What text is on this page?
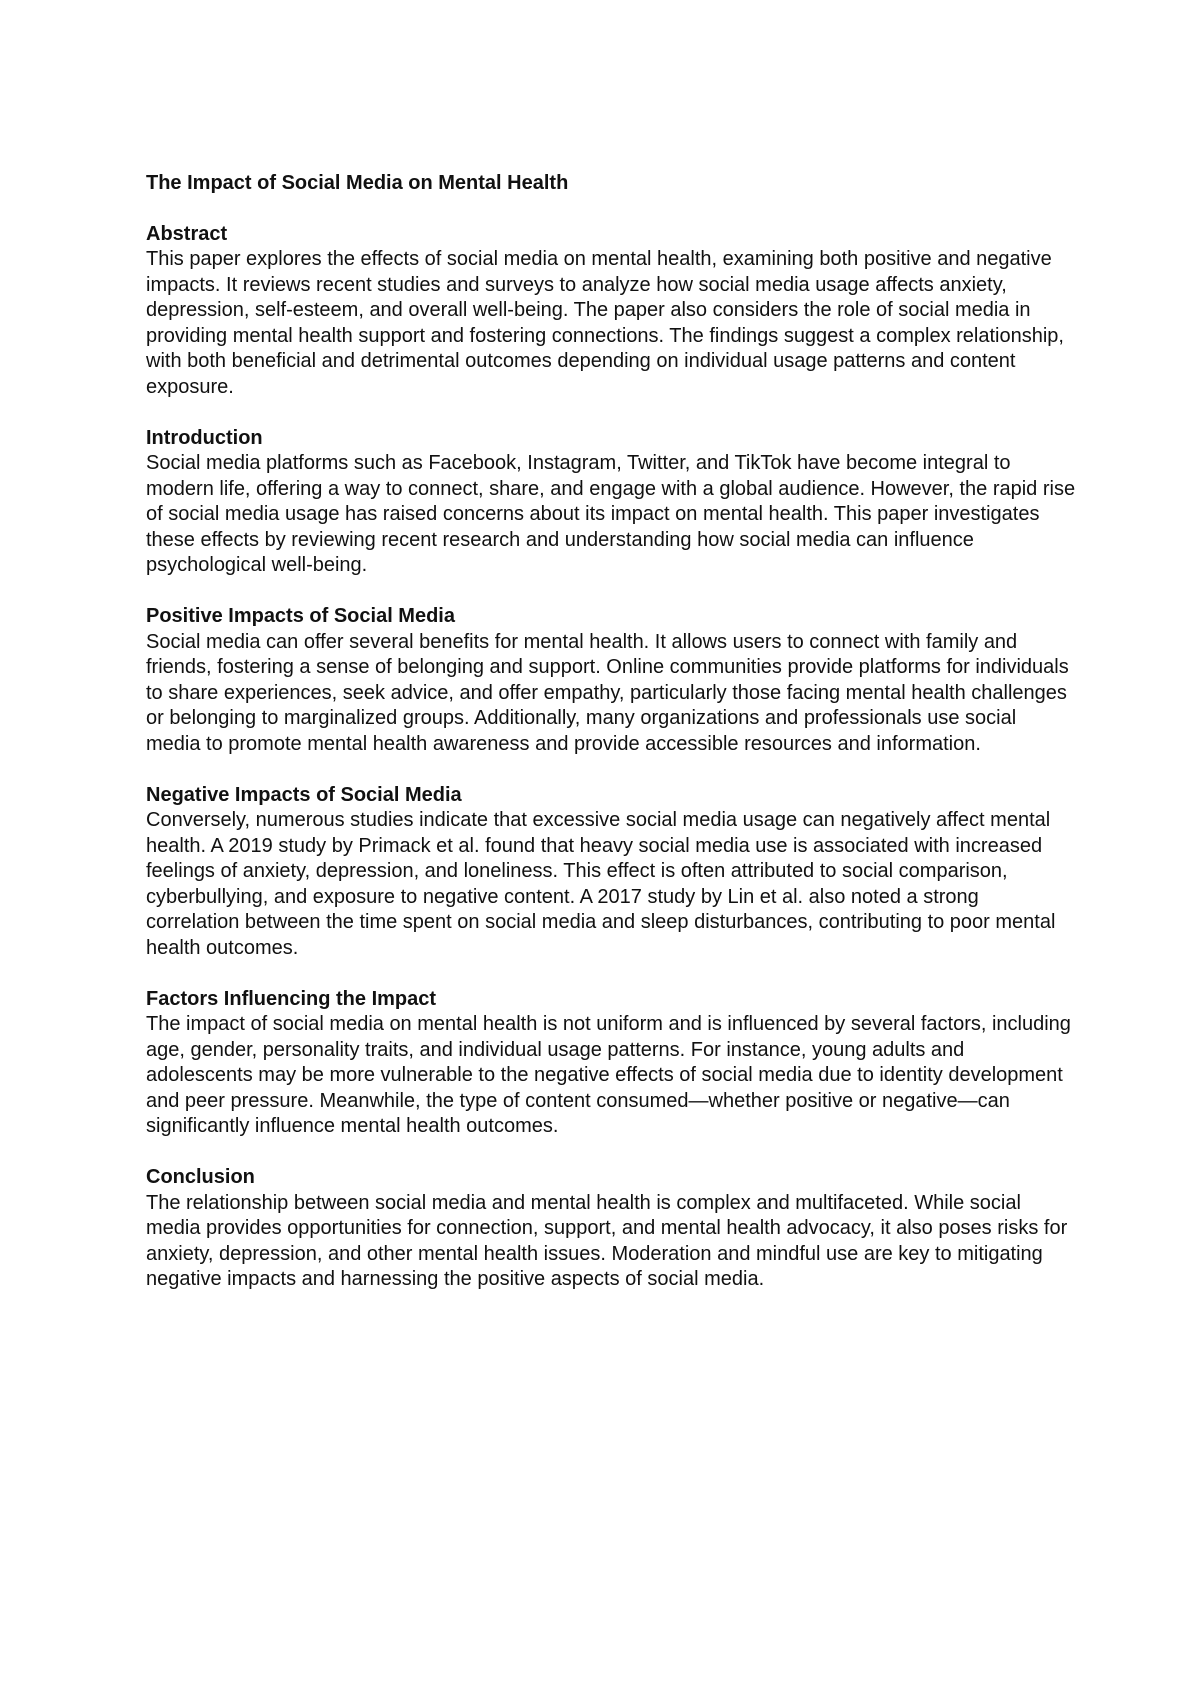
The Impact of Social Media on Mental Health
Abstract
This paper explores the effects of social media on mental health, examining both positive and negative impacts. It reviews recent studies and surveys to analyze how social media usage affects anxiety, depression, self-esteem, and overall well-being. The paper also considers the role of social media in providing mental health support and fostering connections. The findings suggest a complex relationship, with both beneficial and detrimental outcomes depending on individual usage patterns and content exposure.
Introduction
Social media platforms such as Facebook, Instagram, Twitter, and TikTok have become integral to modern life, offering a way to connect, share, and engage with a global audience. However, the rapid rise of social media usage has raised concerns about its impact on mental health. This paper investigates these effects by reviewing recent research and understanding how social media can influence psychological well-being.
Positive Impacts of Social Media
Social media can offer several benefits for mental health. It allows users to connect with family and friends, fostering a sense of belonging and support. Online communities provide platforms for individuals to share experiences, seek advice, and offer empathy, particularly those facing mental health challenges or belonging to marginalized groups. Additionally, many organizations and professionals use social media to promote mental health awareness and provide accessible resources and information.
Negative Impacts of Social Media
Conversely, numerous studies indicate that excessive social media usage can negatively affect mental health. A 2019 study by Primack et al. found that heavy social media use is associated with increased feelings of anxiety, depression, and loneliness. This effect is often attributed to social comparison, cyberbullying, and exposure to negative content. A 2017 study by Lin et al. also noted a strong correlation between the time spent on social media and sleep disturbances, contributing to poor mental health outcomes.
Factors Influencing the Impact
The impact of social media on mental health is not uniform and is influenced by several factors, including age, gender, personality traits, and individual usage patterns. For instance, young adults and adolescents may be more vulnerable to the negative effects of social media due to identity development and peer pressure. Meanwhile, the type of content consumed—whether positive or negative—can significantly influence mental health outcomes.
Conclusion
The relationship between social media and mental health is complex and multifaceted. While social media provides opportunities for connection, support, and mental health advocacy, it also poses risks for anxiety, depression, and other mental health issues. Moderation and mindful use are key to mitigating negative impacts and harnessing the positive aspects of social media.
